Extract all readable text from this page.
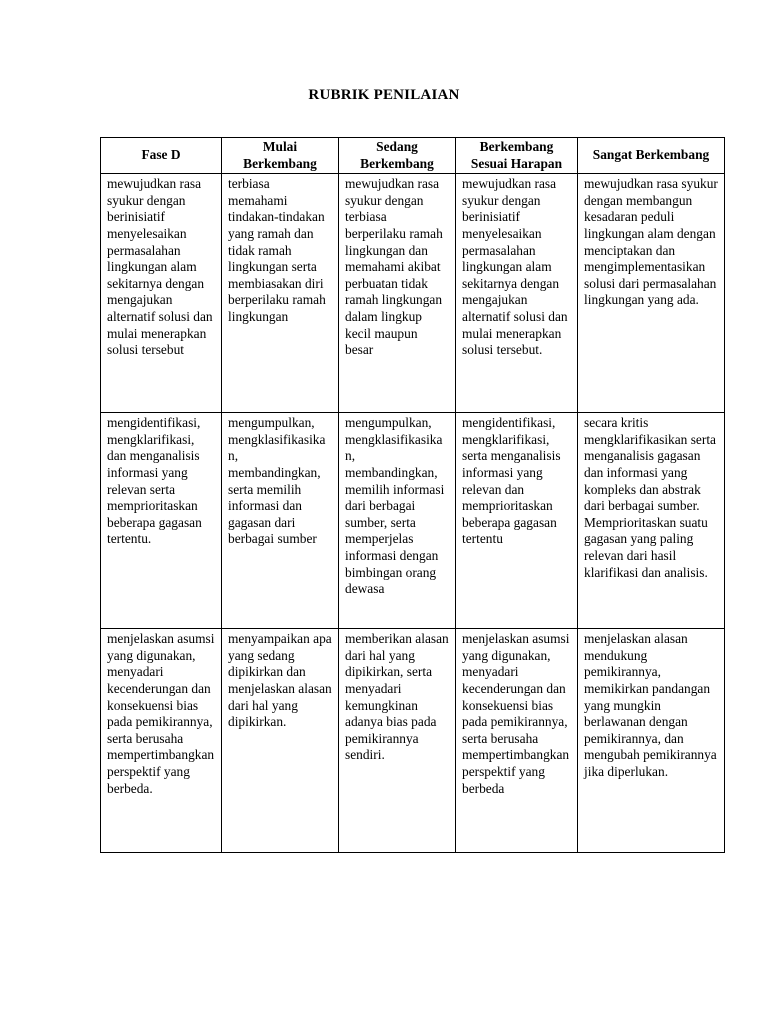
RUBRIK PENILAIAN
Fase D	Mulai Berkembang	Sedang Berkembang	Berkembang Sesuai Harapan	Sangat Berkembang
mewujudkan rasa syukur dengan berinisiatif menyelesaikan permasalahan lingkungan alam sekitarnya dengan mengajukan alternatif solusi dan mulai menerapkan solusi tersebut	terbiasa memahami tindakan-tindakan yang ramah dan tidak ramah lingkungan serta membiasakan diri berperilaku ramah lingkungan	mewujudkan rasa syukur dengan terbiasa berperilaku ramah lingkungan dan memahami akibat perbuatan tidak ramah lingkungan dalam lingkup kecil maupun besar	mewujudkan rasa syukur dengan berinisiatif menyelesaikan permasalahan lingkungan alam sekitarnya dengan mengajukan alternatif solusi dan mulai menerapkan solusi tersebut.	mewujudkan rasa syukur dengan membangun kesadaran peduli lingkungan alam dengan menciptakan dan mengimplementasikan solusi dari permasalahan lingkungan yang ada.
mengidentifikasi, mengklarifikasi, dan menganalisis informasi yang relevan serta memprioritaskan beberapa gagasan tertentu.	mengumpulkan, mengklasifikasikan, membandingkan, serta memilih informasi dan gagasan dari berbagai sumber	mengumpulkan, mengklasifikasikan, membandingkan, memilih informasi dari berbagai sumber, serta memperjelas informasi dengan bimbingan orang dewasa	mengidentifikasi, mengklarifikasi, serta menganalisis informasi yang relevan dan memprioritaskan beberapa gagasan tertentu	secara kritis mengklarifikasikan serta menganalisis gagasan dan informasi yang kompleks dan abstrak dari berbagai sumber. Memprioritaskan suatu gagasan yang paling relevan dari hasil klarifikasi dan analisis.
menjelaskan asumsi yang digunakan, menyadari kecenderungan dan konsekuensi bias pada pemikirannya, serta berusaha mempertimbangkan perspektif yang berbeda.	menyampaikan apa yang sedang dipikirkan dan menjelaskan alasan dari hal yang dipikirkan.	memberikan alasan dari hal yang dipikirkan, serta menyadari kemungkinan adanya bias pada pemikirannya sendiri.	menjelaskan asumsi yang digunakan, menyadari kecenderungan dan konsekuensi bias pada pemikirannya, serta berusaha mempertimbangkan perspektif yang berbeda	menjelaskan alasan mendukung pemikirannya, memikirkan pandangan yang mungkin berlawanan dengan pemikirannya, dan mengubah pemikirannya jika diperlukan.
